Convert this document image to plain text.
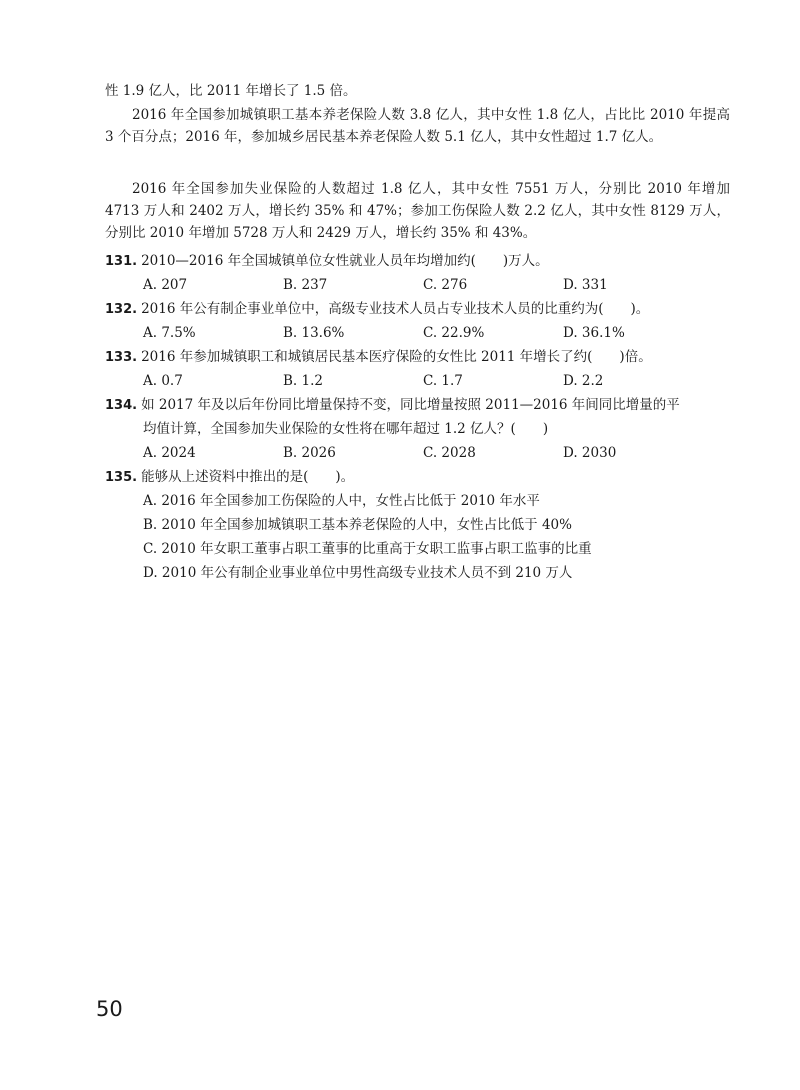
性 1.9 亿人，比 2011 年增长了 1.5 倍。

2016 年全国参加城镇职工基本养老保险人数 3.8 亿人，其中女性 1.8 亿人，占比比 2010 年提高 3 个百分点；2016 年，参加城乡居民基本养老保险人数 5.1 亿人，其中女性超过 1.7 亿人。

2016 年全国参加失业保险的人数超过 1.8 亿人，其中女性 7551 万人，分别比 2010 年增加 4713 万人和 2402 万人，增长约 35% 和 47%；参加工伤保险人数 2.2 亿人，其中女性 8129 万人，分别比 2010 年增加 5728 万人和 2429 万人，增长约 35% 和 43%。

131. 2010—2016 年全国城镇单位女性就业人员年均增加约(　　)万人。
A. 207	B. 237	C. 276	D. 331
132. 2016 年公有制企事业单位中，高级专业技术人员占专业技术人员的比重约为(　　)。
A. 7.5%	B. 13.6%	C. 22.9%	D. 36.1%
133. 2016 年参加城镇职工和城镇居民基本医疗保险的女性比 2011 年增长了约(　　)倍。
A. 0.7	B. 1.2	C. 1.7	D. 2.2
134. 如 2017 年及以后年份同比增量保持不变，同比增量按照 2011—2016 年间同比增量的平
均值计算，全国参加失业保险的女性将在哪年超过 1.2 亿人？(　　)
A. 2024	B. 2026	C. 2028	D. 2030
135. 能够从上述资料中推出的是(　　)。
A. 2016 年全国参加工伤保险的人中，女性占比低于 2010 年水平
B. 2010 年全国参加城镇职工基本养老保险的人中，女性占比低于 40%
C. 2010 年女职工董事占职工董事的比重高于女职工监事占职工监事的比重
D. 2010 年公有制企业事业单位中男性高级专业技术人员不到 210 万人
50
